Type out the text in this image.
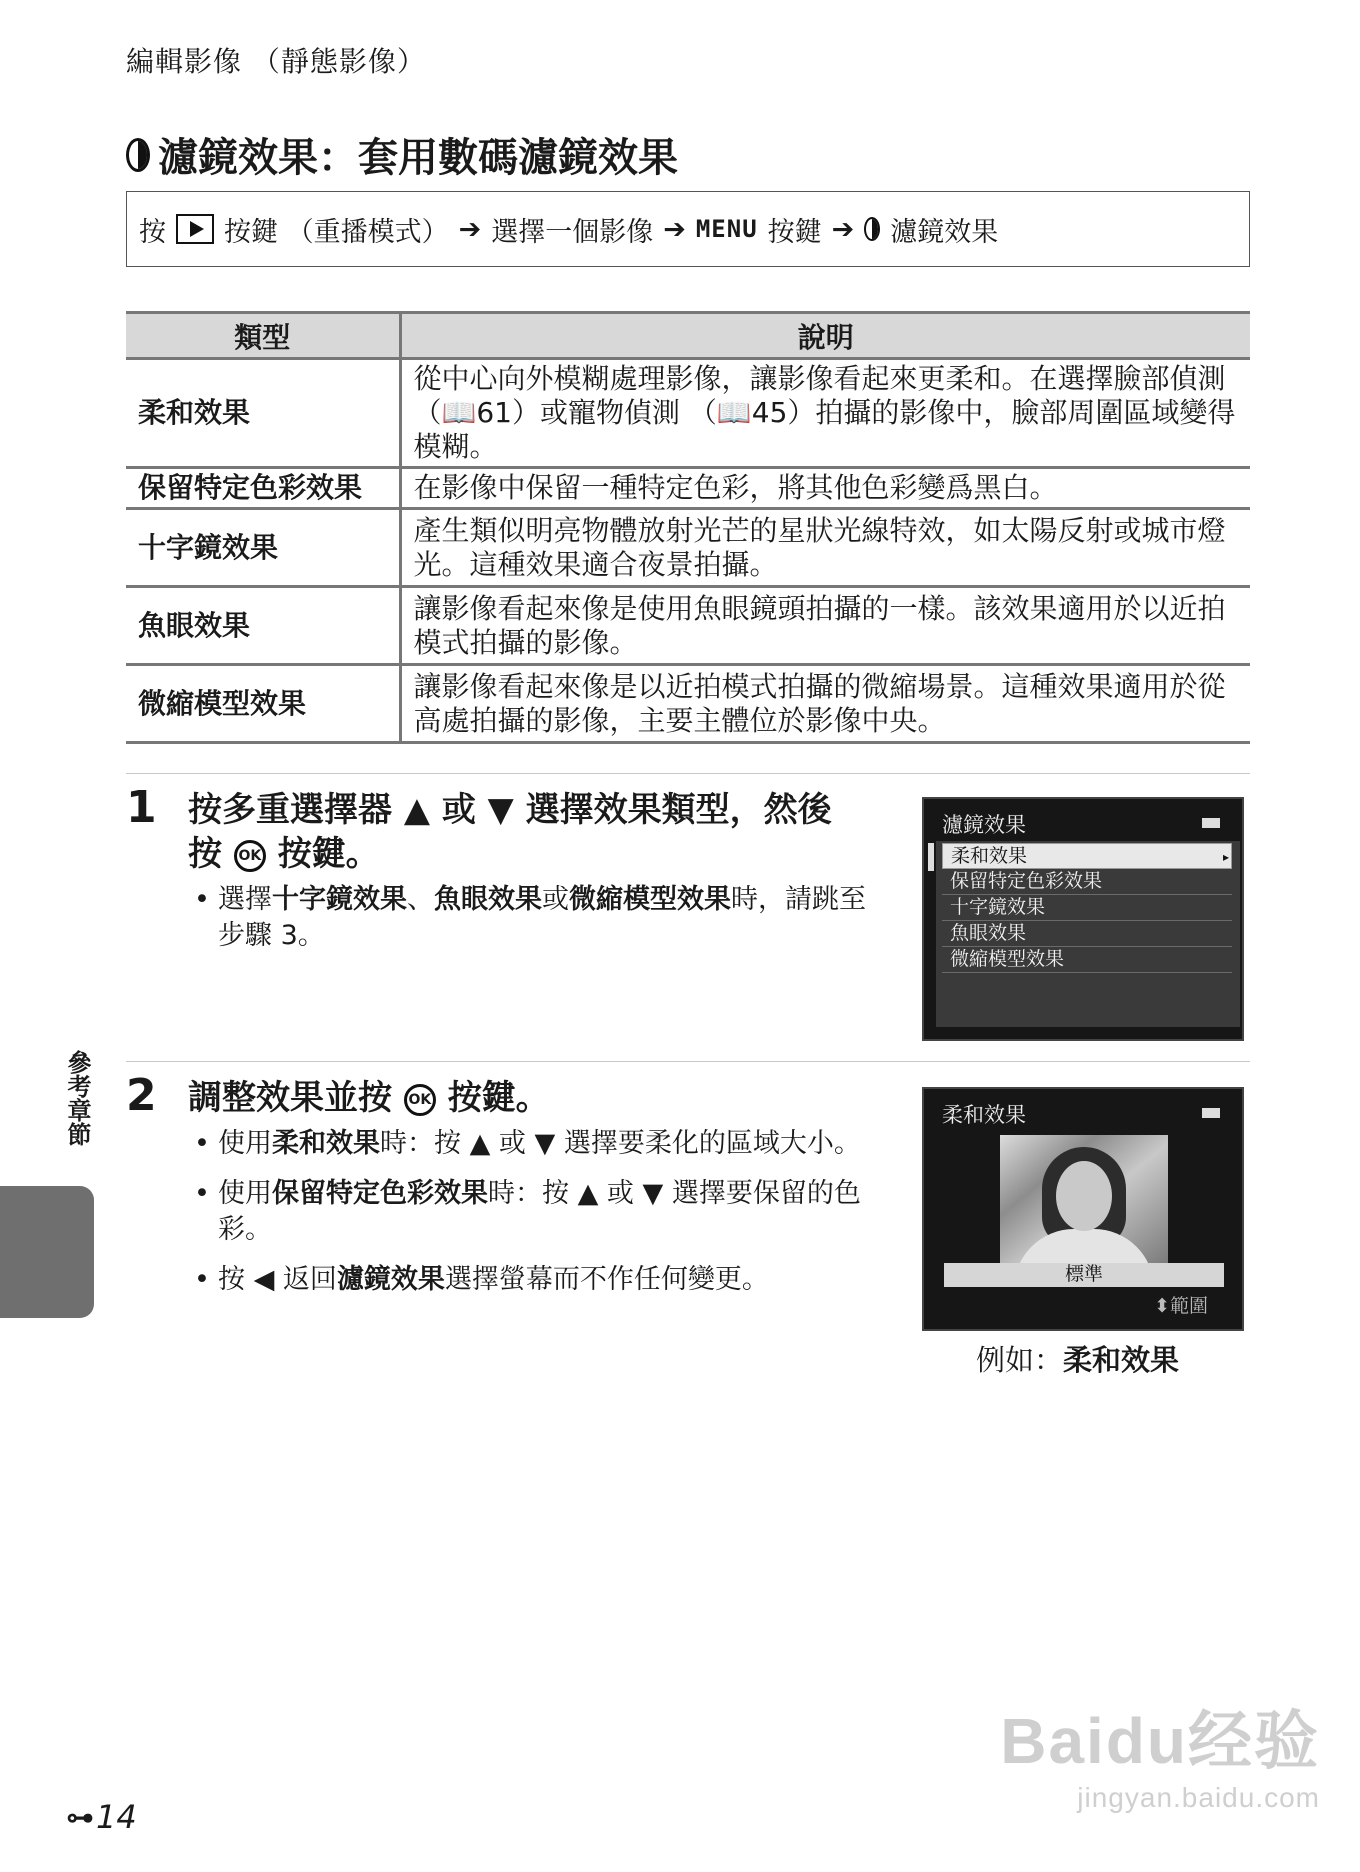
編輯影像 （靜態影像）
濾鏡效果：套用數碼濾鏡效果
按 按鍵 （重播模式） ➔ 選擇一個影像 ➔ MENU 按鍵 ➔ 濾鏡效果
類型	說明
柔和效果	從中心向外模糊處理影像，讓影像看起來更柔和。在選擇臉部偵測 （📖61）或寵物偵測 （📖45）拍攝的影像中，臉部周圍區域變得模糊。
保留特定色彩效果	在影像中保留一種特定色彩，將其他色彩變爲黑白。
十字鏡效果	產生類似明亮物體放射光芒的星狀光線特效，如太陽反射或城市燈光。這種效果適合夜景拍攝。
魚眼效果	讓影像看起來像是使用魚眼鏡頭拍攝的一樣。該效果適用於以近拍模式拍攝的影像。
微縮模型效果	讓影像看起來像是以近拍模式拍攝的微縮場景。這種效果適用於從高處拍攝的影像，主要主體位於影像中央。
1 按多重選擇器 ▲ 或 ▼ 選擇效果類型，然後
按 OK 按鍵。
• 選擇十字鏡效果、魚眼效果或微縮模型效果時，請跳至步驟 3。
濾鏡效果
柔和效果 ▸
保留特定色彩效果
十字鏡效果
魚眼效果
微縮模型效果
2 調整效果並按 OK 按鍵。
• 使用柔和效果時：按 ▲ 或 ▼ 選擇要柔化的區域大小。
• 使用保留特定色彩效果時：按 ▲ 或 ▼ 選擇要保留的色彩。
• 按 ◀ 返回濾鏡效果選擇螢幕而不作任何變更。
柔和效果
標準
⬍範圍
例如：柔和效果
參考章節
⊶ 14
Baidu经验
jingyan.baidu.com
